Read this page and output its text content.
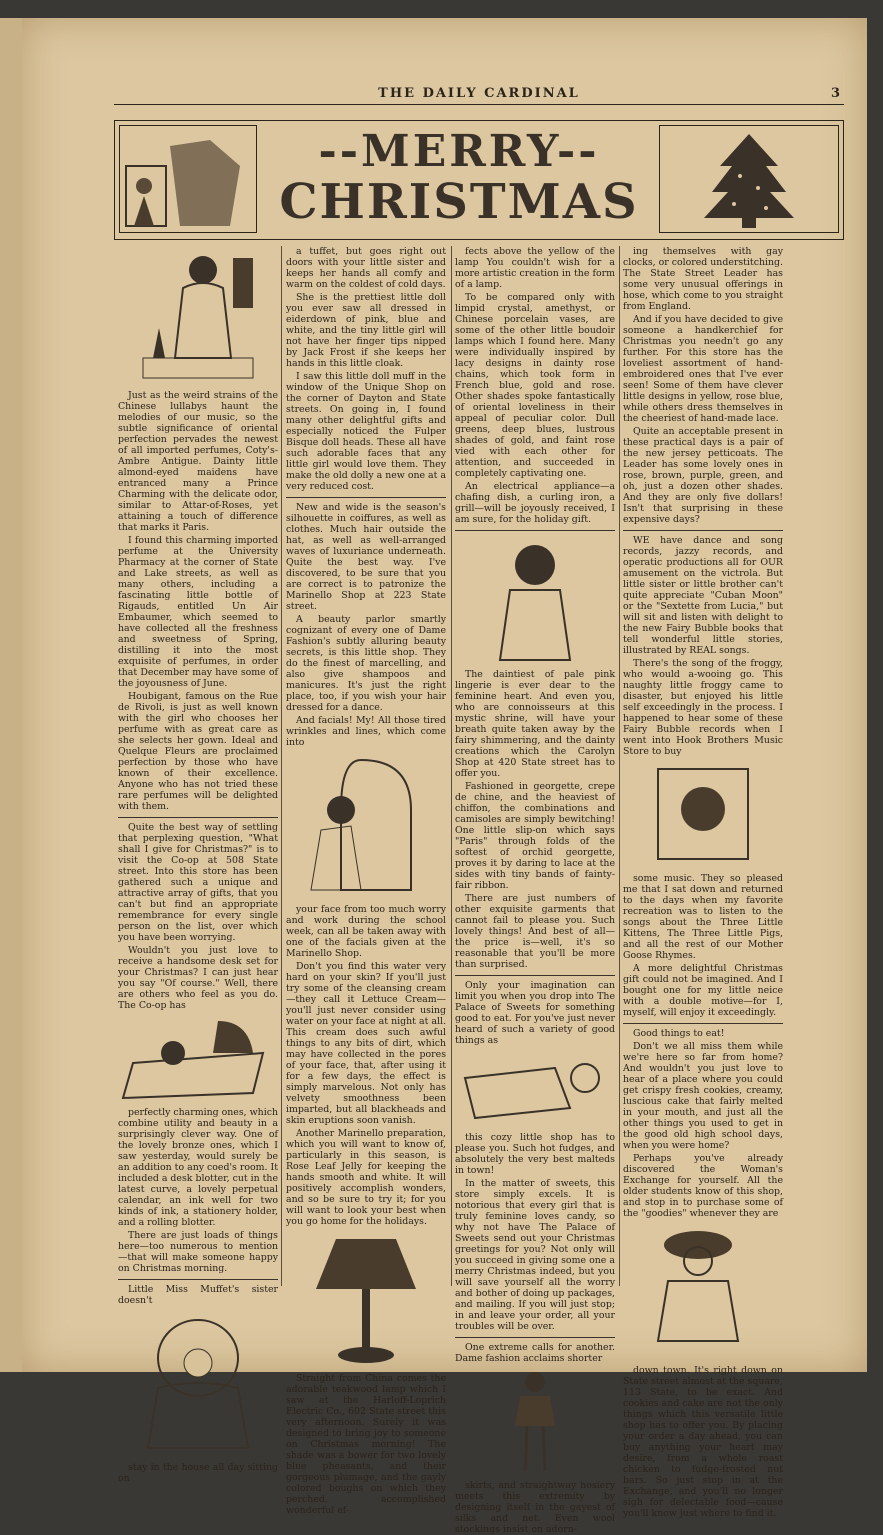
THE DAILY CARDINAL	3
--MERRY--
CHRISTMAS

Just as the weird strains of the Chinese lullabys haunt the melodies of our music, so the subtle significance of oriental perfection pervades the newest of all imported perfumes, Coty's-Ambre Antigue. Dainty little almond-eyed maidens have entranced many a Prince Charming with the delicate odor, similar to Attar-of-Roses, yet attaining a touch of difference that marks it Paris.

I found this charming imported perfume at the University Pharmacy at the corner of State and Lake streets, as well as many others, including a fascinating little bottle of Rigauds, entitled Un Air Embaumer, which seemed to have collected all the freshness and sweetness of Spring, distilling it into the most exquisite of perfumes, in order that December may have some of the joyousness of June.

Houbigant, famous on the Rue de Rivoli, is just as well known with the girl who chooses her perfume with as great care as she selects her gown. Ideal and Quelque Fleurs are proclaimed perfection by those who have known of their excellence. Anyone who has not tried these rare perfumes will be delighted with them.

Quite the best way of settling that perplexing question, "What shall I give for Christmas?" is to visit the Co-op at 508 State street. Into this store has been gathered such a unique and attractive array of gifts, that you can't but find an appropriate remembrance for every single person on the list, over which you have been worrying.

Wouldn't you just love to receive a handsome desk set for your Christmas? I can just hear you say "Of course." Well, there are others who feel as you do. The Co-op has

perfectly charming ones, which combine utility and beauty in a surprisingly clever way. One of the lovely bronze ones, which I saw yesterday, would surely be an addition to any coed's room. It included a desk blotter, cut in the latest curve, a lovely perpetual calendar, an ink well for two kinds of ink, a stationery holder, and a rolling blotter.

There are just loads of things here—too numerous to mention—that will make someone happy on Christmas morning.

Little Miss Muffet's sister doesn't

stay in the house all day sitting on

a tuffet, but goes right out doors with your little sister and keeps her hands all comfy and warm on the coldest of cold days.

She is the prettiest little doll you ever saw all dressed in eiderdown of pink, blue and white, and the tiny little girl will not have her finger tips nipped by Jack Frost if she keeps her hands in this little cloak.

I saw this little doll muff in the window of the Unique Shop on the corner of Dayton and State streets. On going in, I found many other delightful gifts and especially noticed the Fulper Bisque doll heads. These all have such adorable faces that any little girl would love them. They make the old dolly a new one at a very reduced cost.

New and wide is the season's silhouette in coiffures, as well as clothes. Much hair outside the hat, as well as well-arranged waves of luxuriance underneath. Quite the best way. I've discovered, to be sure that you are correct is to patronize the Marinello Shop at 223 State street.

A beauty parlor smartly cognizant of every one of Dame Fashion's subtly alluring beauty secrets, is this little shop. They do the finest of marcelling, and also give shampoos and manicures. It's just the right place, too, if you wish your hair dressed for a dance.

And facials! My! All those tired wrinkles and lines, which come into

your face from too much worry and work during the school week, can all be taken away with one of the facials given at the Marinello Shop.

Don't you find this water very hard on your skin? If you'll just try some of the cleansing cream—they call it Lettuce Cream—you'll just never consider using water on your face at night at all. This cream does such awful things to any bits of dirt, which may have collected in the pores of your face, that, after using it for a few days, the effect is simply marvelous. Not only has velvety smoothness been imparted, but all blackheads and skin eruptions soon vanish.

Another Marinello preparation, which you will want to know of, particularly in this season, is Rose Leaf Jelly for keeping the hands smooth and white. It will positively accomplish wonders, and so be sure to try it; for you will want to look your best when you go home for the holidays.

Straight from China comes the adorable teakwood lamp which I saw at the Harloff-Loprich Electric Co., 602 State street this very afternoon. Surely it was designed to bring joy to someone on Christmas morning! The shade was a bower for two lovely blue pheasants, and their gorgeous plumage, and the gayly colored boughs on which they perched, accomplished wonderful ef-

fects above the yellow of the lamp You couldn't wish for a more artistic creation in the form of a lamp.

To be compared only with limpid crystal, amethyst, or Chinese porcelain vases, are some of the other little boudoir lamps which I found here. Many were individually inspired by lacy designs in dainty rose chains, which took form in French blue, gold and rose. Other shades spoke fantastically of oriental loveliness in their appeal of peculiar color. Dull greens, deep blues, lustrous shades of gold, and faint rose vied with each other for attention, and succeeded in completely captivating one.

An electrical appliance—a chafing dish, a curling iron, a grill—will be joyously received, I am sure, for the holiday gift.

The daintiest of pale pink lingerie is ever dear to the feminine heart. And even you, who are connoisseurs at this mystic shrine, will have your breath quite taken away by the fairy shimmering, and the dainty creations which the Carolyn Shop at 420 State street has to offer you.

Fashioned in georgette, crepe de chine, and the heaviest of chiffon, the combinations and camisoles are simply bewitching! One little slip-on which says "Paris" through folds of the softest of orchid georgette, proves it by daring to lace at the sides with tiny bands of fainty-fair ribbon.

There are just numbers of other exquisite garments that cannot fail to please you. Such lovely things! And best of all—the price is—well, it's so reasonable that you'll be more than surprised.

Only your imagination can limit you when you drop into The Palace of Sweets for something good to eat. For you've just never heard of such a variety of good things as

this cozy little shop has to please you. Such hot fudges, and absolutely the very best malteds in town!

In the matter of sweets, this store simply excels. It is notorious that every girl that is truly feminine loves candy, so why not have The Palace of Sweets send out your Christmas greetings for you? Not only will you succeed in giving some one a merry Christmas indeed, but you will save yourself all the worry and bother of doing up packages, and mailing. If you will just stop; in and leave your order, all your troubles will be over.

One extreme calls for another. Dame fashion acclaims shorter

skirts, and straightway hosiery meets this extremity by designing itself in the gayest of silks and net. Even wool stockings insist on adorn-

ing themselves with gay clocks, or colored understitching. The State Street Leader has some very unusual offerings in hose, which come to you straight from England.

And if you have decided to give someone a handkerchief for Christmas you needn't go any further. For this store has the loveliest assortment of hand-embroidered ones that I've ever seen! Some of them have clever little designs in yellow, rose blue, while others dress themselves in the cheeriest of hand-made lace.

Quite an acceptable present in these practical days is a pair of the new jersey petticoats. The Leader has some lovely ones in rose, brown, purple, green, and oh, just a dozen other shades. And they are only five dollars! Isn't that surprising in these expensive days?

WE have dance and song records, jazzy records, and operatic productions all for OUR amusement on the victrola. But little sister or little brother can't quite appreciate "Cuban Moon" or the "Sextette from Lucia," but will sit and listen with delight to the new Fairy Bubble books that tell wonderful little stories, illustrated by REAL songs.

There's the song of the froggy, who would a-wooing go. This naughty little froggy came to disaster, but enjoyed his little self exceedingly in the process. I happened to hear some of these Fairy Bubble records when I went into Hook Brothers Music Store to buy

some music. They so pleased me that I sat down and returned to the days when my favorite recreation was to listen to the songs about the Three Little Kittens, The Three Little Pigs, and all the rest of our Mother Goose Rhymes.

A more delightful Christmas gift could not be imagined. And I bought one for my little neice with a double motive—for I, myself, will enjoy it exceedingly.

Good things to eat!

Don't we all miss them while we're here so far from home? And wouldn't you just love to hear of a place where you could get crispy fresh cookies, creamy, luscious cake that fairly melted in your mouth, and just all the other things you used to get in the good old high school days, when you were home?

Perhaps you've already discovered the Woman's Exchange for yourself. All the older students know of this shop, and stop in to purchase some of the "goodies" whenever they are

down town. It's right down on State street almost at the square, 113 State, to be exact. And cookies and cake are not the only things which this versatile little shop has to offer you. By placing your order a day ahead, you can buy anything your heart may desire, from a whole roast chicken to fudge-frosted nut bars. So just stop in at the Exchange, and you'll no longer sigh for delectable food—cause you'll know just where to find it.
